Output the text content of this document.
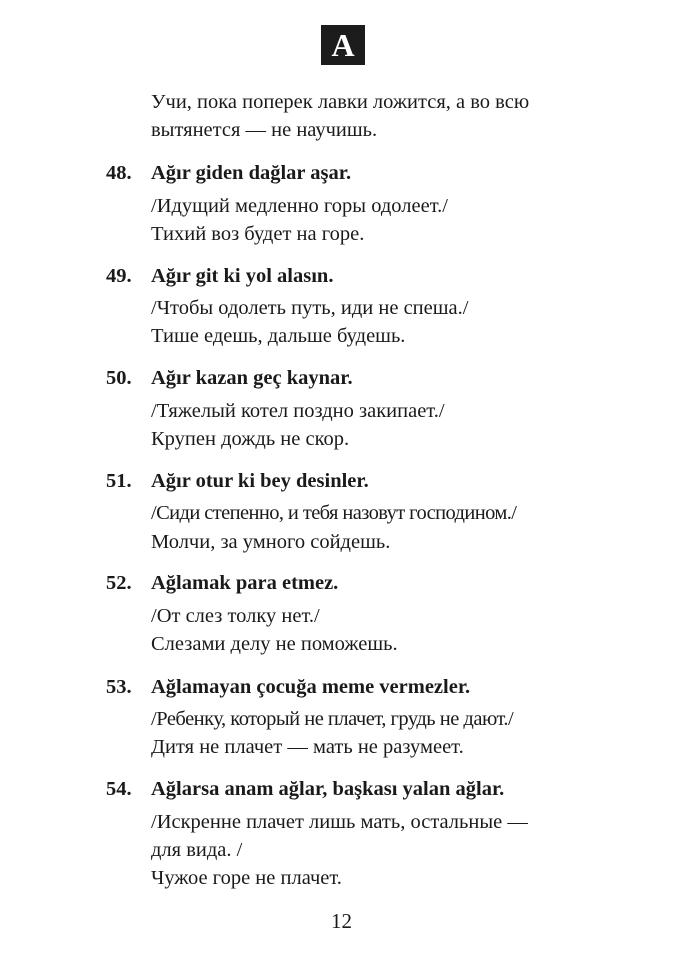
A
Учи, пока поперек лавки ложится, а во всю
вытянется — не научишь.
48. Ağır giden dağlar aşar.
/Идущий медленно горы одолеет./
Тихий воз будет на горе.
49. Ağır git ki yol alasın.
/Чтобы одолеть путь, иди не спеша./
Тише едешь, дальше будешь.
50. Ağır kazan geç kaynar.
/Тяжелый котел поздно закипает./
Крупен дождь не скор.
51. Ağır otur ki bey desinler.
/Сиди степенно, и тебя назовут господином./
Молчи, за умного сойдешь.
52. Ağlamak para etmez.
/От слез толку нет./
Слезами делу не поможешь.
53. Ağlamayan çocuğa meme vermezler.
/Ребенку, который не плачет, грудь не дают./
Дитя не плачет — мать не разумеет.
54. Ağlarsa anam ağlar, başkası yalan ağlar.
/Искренне плачет лишь мать, остальные —
для вида. /
Чужое горе не плачет.
12
